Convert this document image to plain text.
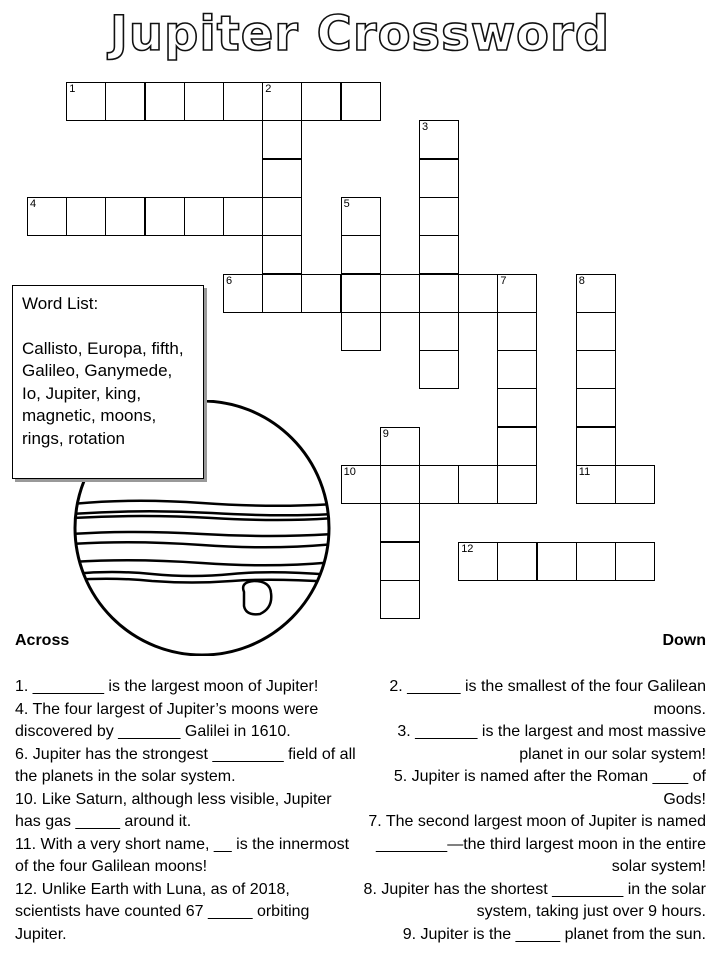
Jupiter Crossword
1	2
3
4	5
6	7	8
9
10	11
12
Word List:
Callisto, Europa, fifth, Galileo, Ganymede, Io, Jupiter, king, magnetic, moons, rings, rotation
Across	Down
1. ________ is the largest moon of Jupiter!
4. The four largest of Jupiter’s moons were discovered by _______ Galilei in 1610.
6. Jupiter has the strongest ________ field of all the planets in the solar system.
10. Like Saturn, although less visible, Jupiter has gas _____ around it.
11. With a very short name, __ is the innermost of the four Galilean moons!
12. Unlike Earth with Luna, as of 2018, scientists have counted 67 _____ orbiting Jupiter.
2. ______ is the smallest of the four Galilean moons.
3. _______ is the largest and most massive planet in our solar system!
5. Jupiter is named after the Roman ____ of Gods!
7. The second largest moon of Jupiter is named ________—the third largest moon in the entire solar system!
8. Jupiter has the shortest ________ in the solar system, taking just over 9 hours.
9. Jupiter is the _____ planet from the sun.
